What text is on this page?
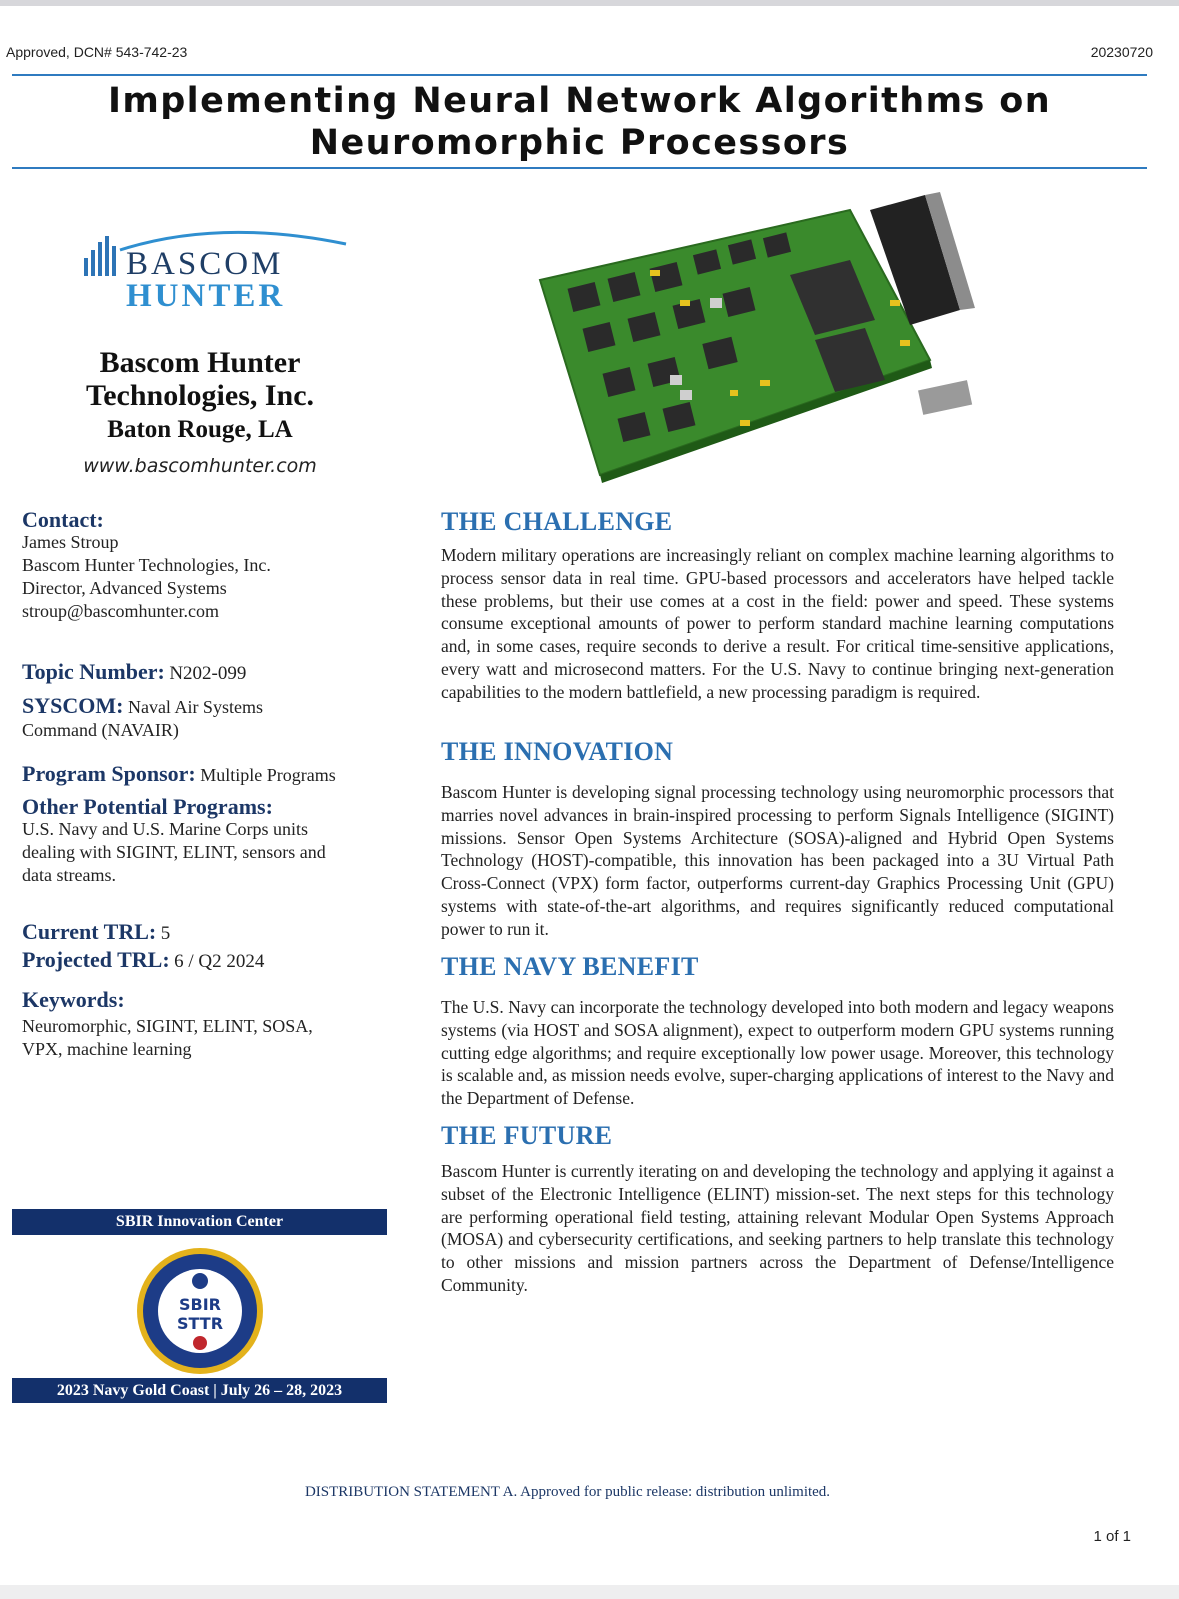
Approved, DCN# 543-742-23	20230720
Implementing Neural Network Algorithms on
Neuromorphic Processors
BASCOM
HUNTER
Bascom Hunter
Technologies, Inc.
Baton Rouge, LA
www.bascomhunter.com
Contact:
James Stroup
Bascom Hunter Technologies, Inc.
Director, Advanced Systems
stroup@bascomhunter.com
Topic Number: N202-099
SYSCOM: Naval Air Systems
Command (NAVAIR)
Program Sponsor: Multiple Programs
Other Potential Programs:
U.S. Navy and U.S. Marine Corps units
dealing with SIGINT, ELINT, sensors and
data streams.
Current TRL: 5
Projected TRL: 6 / Q2 2024
Keywords:
Neuromorphic, SIGINT, ELINT, SOSA,
VPX, machine learning
SBIR Innovation Center
SBIR
STTR
2023 Navy Gold Coast | July 26 – 28, 2023
THE CHALLENGE
Modern military operations are increasingly reliant on complex machine learning algorithms to process sensor data in real time. GPU-based processors and accelerators have helped tackle these problems, but their use comes at a cost in the field: power and speed. These systems consume exceptional amounts of power to perform standard machine learning computations and, in some cases, require seconds to derive a result. For critical time-sensitive applications, every watt and microsecond matters. For the U.S. Navy to continue bringing next-generation capabilities to the modern battlefield, a new processing paradigm is required.
THE INNOVATION
Bascom Hunter is developing signal processing technology using neuromorphic processors that marries novel advances in brain-inspired processing to perform Signals Intelligence (SIGINT) missions. Sensor Open Systems Architecture (SOSA)-aligned and Hybrid Open Systems Technology (HOST)-compatible, this innovation has been packaged into a 3U Virtual Path Cross-Connect (VPX) form factor, outperforms current-day Graphics Processing Unit (GPU) systems with state-of-the-art algorithms, and requires significantly reduced computational power to run it.
THE NAVY BENEFIT
The U.S. Navy can incorporate the technology developed into both modern and legacy weapons systems (via HOST and SOSA alignment), expect to outperform modern GPU systems running cutting edge algorithms; and require exceptionally low power usage. Moreover, this technology is scalable and, as mission needs evolve, super-charging applications of interest to the Navy and the Department of Defense.
THE FUTURE
Bascom Hunter is currently iterating on and developing the technology and applying it against a subset of the Electronic Intelligence (ELINT) mission-set. The next steps for this technology are performing operational field testing, attaining relevant Modular Open Systems Approach (MOSA) and cybersecurity certifications, and seeking partners to help translate this technology to other missions and mission partners across the Department of Defense/Intelligence Community.
DISTRIBUTION STATEMENT A. Approved for public release: distribution unlimited.
1 of 1
